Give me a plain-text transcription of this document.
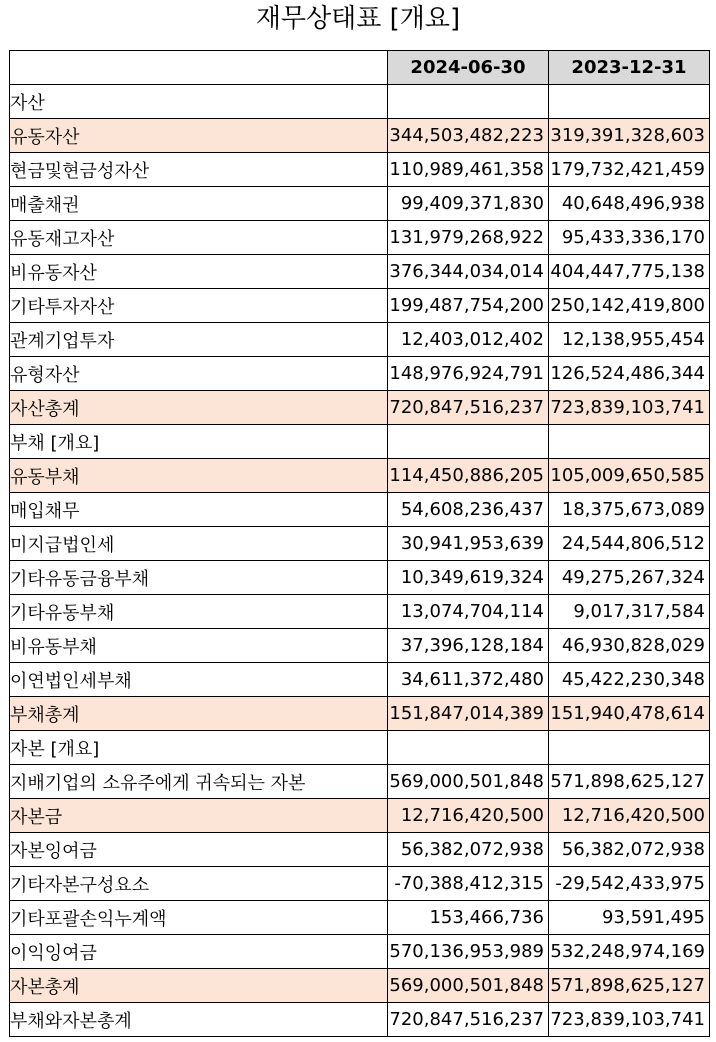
재무상태표 [개요]
	2024-06-30	2023-12-31
자산		
유동자산	344,503,482,223	319,391,328,603
현금및현금성자산	110,989,461,358	179,732,421,459
매출채권	99,409,371,830	40,648,496,938
유동재고자산	131,979,268,922	95,433,336,170
비유동자산	376,344,034,014	404,447,775,138
기타투자자산	199,487,754,200	250,142,419,800
관계기업투자	12,403,012,402	12,138,955,454
유형자산	148,976,924,791	126,524,486,344
자산총계	720,847,516,237	723,839,103,741
부채 [개요]		
유동부채	114,450,886,205	105,009,650,585
매입채무	54,608,236,437	18,375,673,089
미지급법인세	30,941,953,639	24,544,806,512
기타유동금융부채	10,349,619,324	49,275,267,324
기타유동부채	13,074,704,114	9,017,317,584
비유동부채	37,396,128,184	46,930,828,029
이연법인세부채	34,611,372,480	45,422,230,348
부채총계	151,847,014,389	151,940,478,614
자본 [개요]		
지배기업의 소유주에게 귀속되는 자본	569,000,501,848	571,898,625,127
자본금	12,716,420,500	12,716,420,500
자본잉여금	56,382,072,938	56,382,072,938
기타자본구성요소	-70,388,412,315	-29,542,433,975
기타포괄손익누계액	153,466,736	93,591,495
이익잉여금	570,136,953,989	532,248,974,169
자본총계	569,000,501,848	571,898,625,127
부채와자본총계	720,847,516,237	723,839,103,741
